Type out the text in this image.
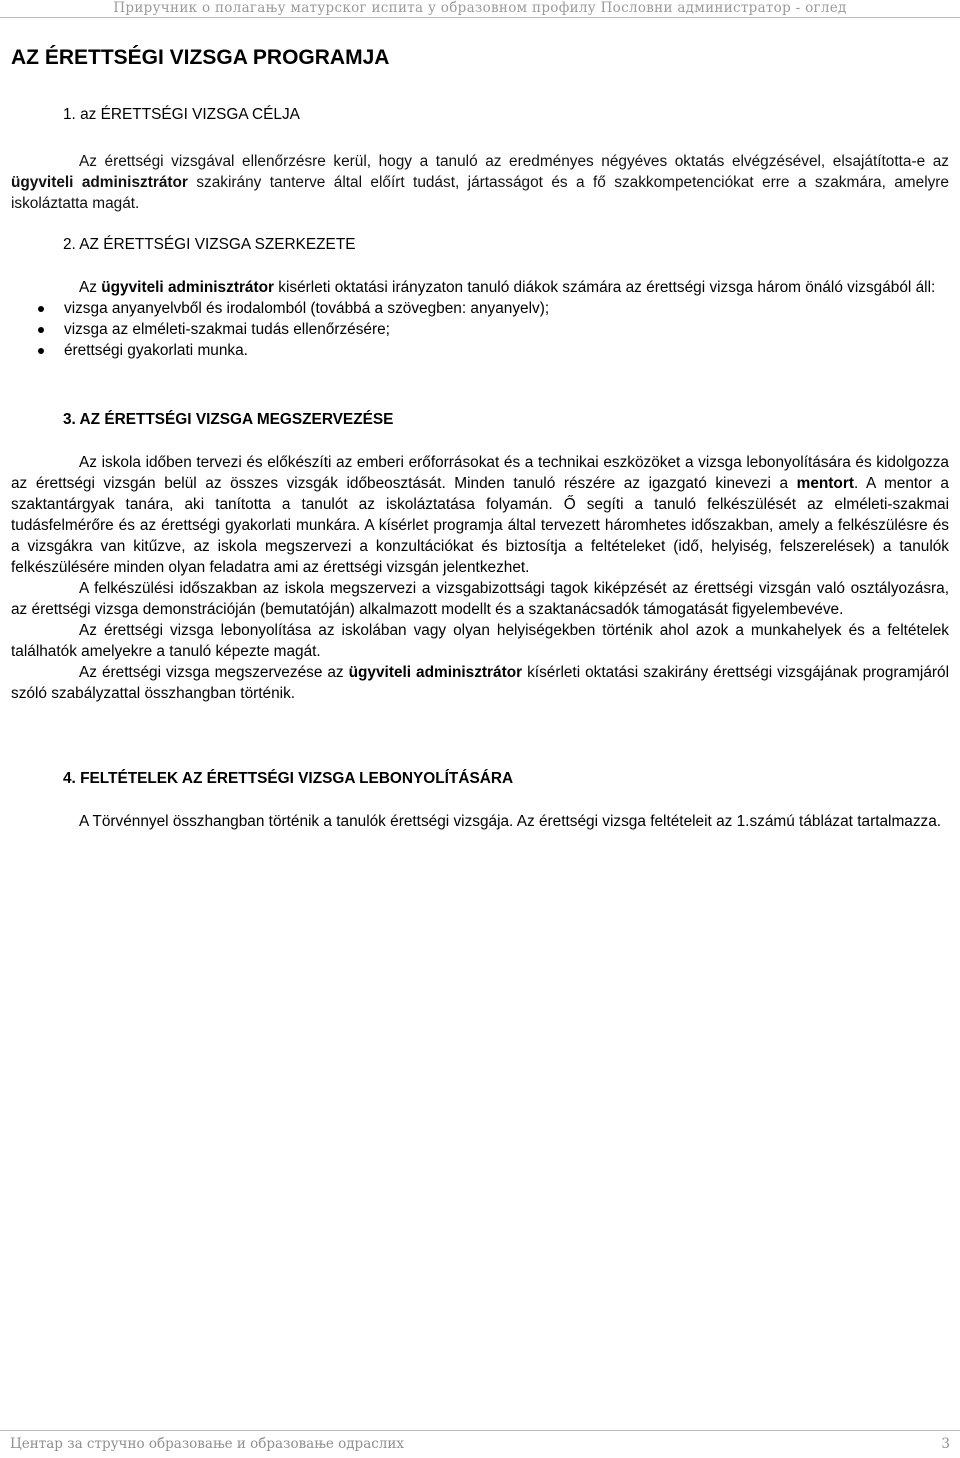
Приручник о полагању матурског испита у образовном профилу Пословни администратор - оглед
AZ ÉRETTSÉGI VIZSGA PROGRAMJA
1. az ÉRETTSÉGI VIZSGA CÉLJA

Az érettségi vizsgával ellenőrzésre kerül, hogy a tanuló az eredményes négyéves oktatás elvégzésével, elsajátította-e az ügyviteli adminisztrátor szakirány tanterve által előírt tudást, jártasságot és a fő szakkompetenciókat erre a szakmára, amelyre iskoláztatta magát.

2. AZ ÉRETTSÉGI VIZSGA SZERKEZETE

Az ügyviteli adminisztrátor kisérleti oktatási irányzaton tanuló diákok számára az érettségi vizsga három önáló vizsgából áll:

vizsga anyanyelvből és irodalomból (továbbá a szövegben: anyanyelv);
vizsga az elméleti-szakmai tudás ellenőrzésére;
érettségi gyakorlati munka.
3. AZ ÉRETTSÉGI VIZSGA MEGSZERVEZÉSE

Az iskola időben tervezi és előkészíti az emberi erőforrásokat és a technikai eszközöket a vizsga lebonyolítására és kidolgozza az érettségi vizsgán belül az összes vizsgák időbeosztását. Minden tanuló részére az igazgató kinevezi a mentort. A mentor a szaktantárgyak tanára, aki tanította a tanulót az iskoláztatása folyamán. Ő segíti a tanuló felkészülését az elméleti-szakmai tudásfelmérőre és az érettségi gyakorlati munkára. A kísérlet programja által tervezett háromhetes időszakban, amely a felkészülésre és a vizsgákra van kitűzve, az iskola megszervezi a konzultációkat és biztosítja a feltételeket (idő, helyiség, felszerelések) a tanulók felkészülésére minden olyan feladatra ami az érettségi vizsgán jelentkezhet.

A felkészülési időszakban az iskola megszervezi a vizsgabizottsági tagok kiképzését az érettségi vizsgán való osztályozásra, az érettségi vizsga demonstrációján (bemutatóján) alkalmazott modellt és a szaktanácsadók támogatását figyelembevéve.

Az érettségi vizsga lebonyolítása az iskolában vagy olyan helyiségekben történik ahol azok a munkahelyek és a feltételek találhatók amelyekre a tanuló képezte magát.

Az érettségi vizsga megszervezése az ügyviteli adminisztrátor kísérleti oktatási szakirány érettségi vizsgájának programjáról szóló szabályzattal összhangban történik.

4. FELTÉTELEK AZ ÉRETTSÉGI VIZSGA LEBONYOLÍTÁSÁRA

A Törvénnyel összhangban történik a tanulók érettségi vizsgája. Az érettségi vizsga feltételeit az 1.számú táblázat tartalmazza.

Центар за стручно образовање и образовање одраслих	3
